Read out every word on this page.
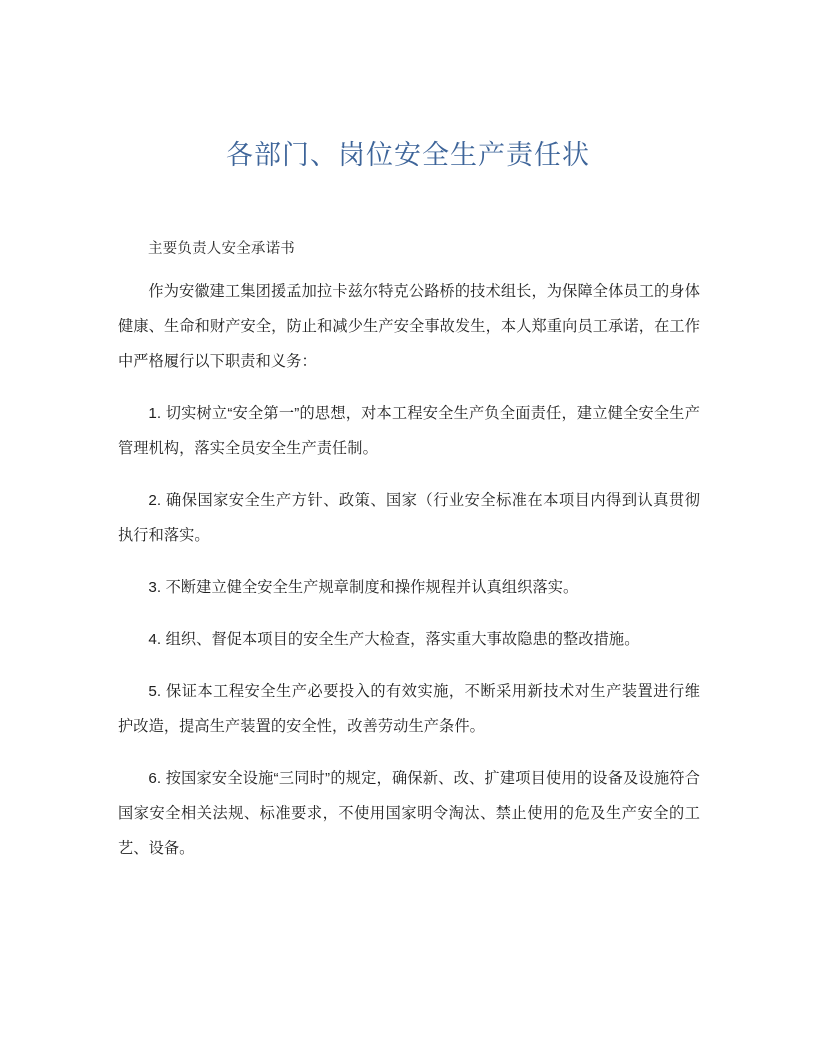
各部门、岗位安全生产责任状
主要负责人安全承诺书

作为安徽建工集团援孟加拉卡兹尔特克公路桥的技术组长，为保障全体员工的身体健康、生命和财产安全，防止和减少生产安全事故发生，本人郑重向员工承诺，在工作中严格履行以下职责和义务：

1. 切实树立“安全第一”的思想，对本工程安全生产负全面责任，建立健全安全生产管理机构，落实全员安全生产责任制。

2. 确保国家安全生产方针、政策、国家（行业安全标准在本项目内得到认真贯彻执行和落实。

3. 不断建立健全安全生产规章制度和操作规程并认真组织落实。

4. 组织、督促本项目的安全生产大检查，落实重大事故隐患的整改措施。

5. 保证本工程安全生产必要投入的有效实施，不断采用新技术对生产装置进行维护改造，提高生产装置的安全性，改善劳动生产条件。

6. 按国家安全设施“三同时”的规定，确保新、改、扩建项目使用的设备及设施符合国家安全相关法规、标准要求，不使用国家明令淘汰、禁止使用的危及生产安全的工艺、设备。
